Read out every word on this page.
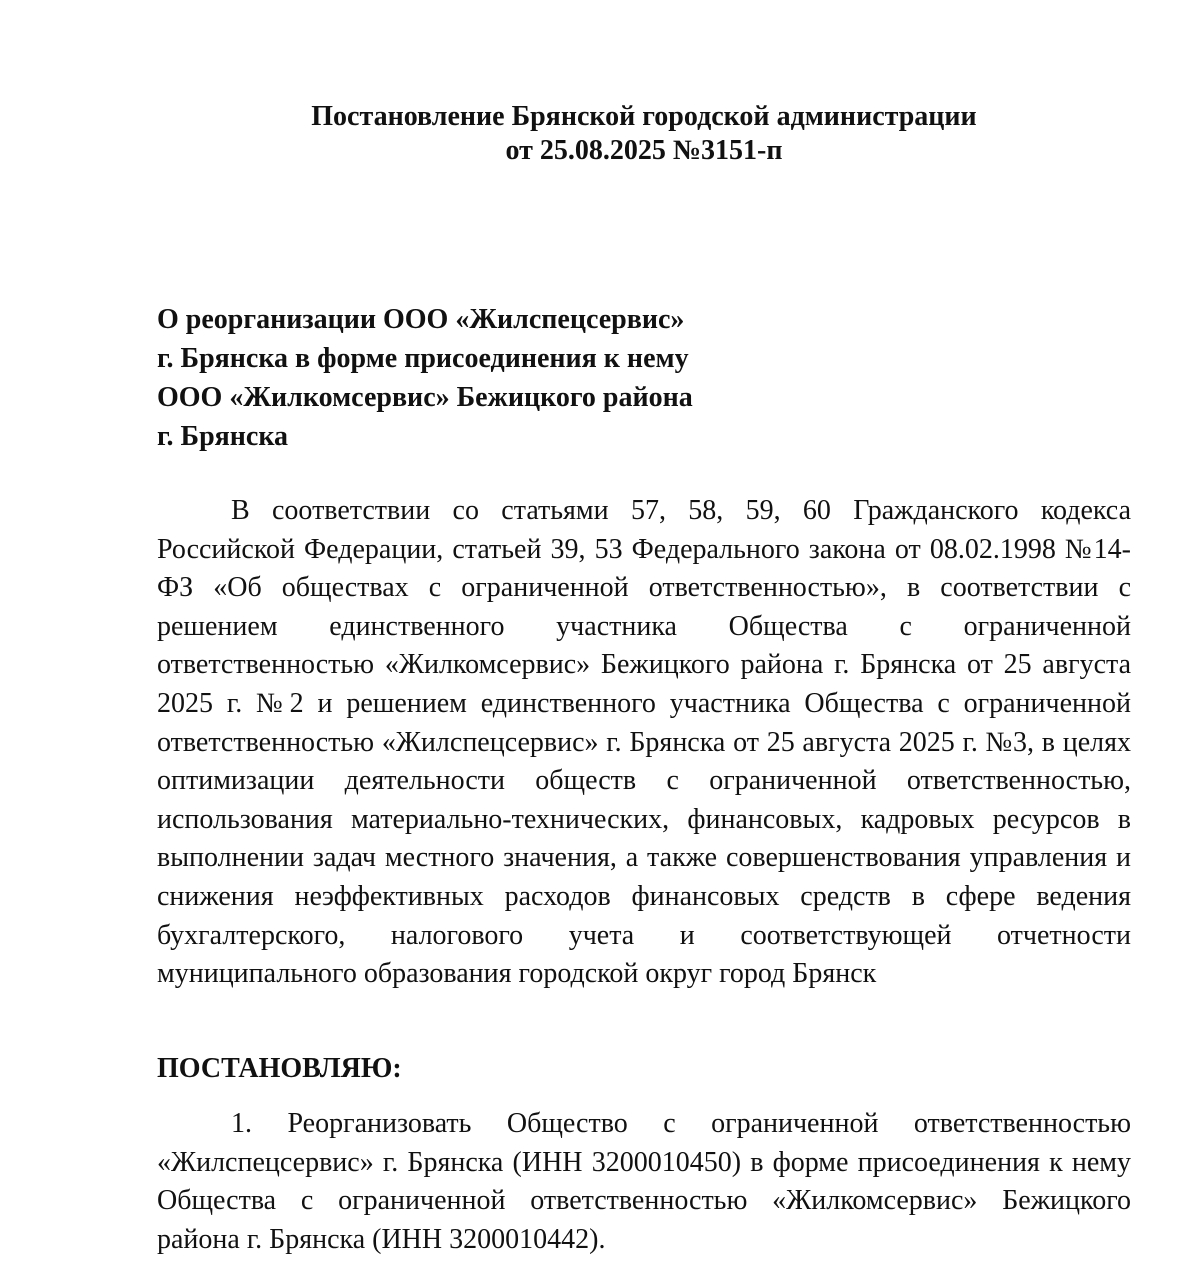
Постановление Брянской городской администрации
от 25.08.2025 №3151-п
О реорганизации ООО «Жилспецсервис»
г. Брянска в форме присоединения к нему
ООО «Жилкомсервис» Бежицкого района
г. Брянска

В соответствии со статьями 57, 58, 59, 60 Гражданского кодекса Российской Федерации, статьей 39, 53 Федерального закона от 08.02.1998 №14-ФЗ «Об обществах с ограниченной ответственностью», в соответствии с решением единственного участника Общества с ограниченной ответственностью «Жилкомсервис» Бежицкого района г. Брянска от 25 августа 2025 г. №2 и решением единственного участника Общества с ограниченной ответственностью «Жилспецсервис» г. Брянска от 25 августа 2025 г. №3, в целях оптимизации деятельности обществ с ограниченной ответственностью, использования материально-технических, финансовых, кадровых ресурсов в выполнении задач местного значения, а также совершенствования управления и снижения неэффективных расходов финансовых средств в сфере ведения бухгалтерского, налогового учета и соответствующей отчетности муниципального образования городской округ город Брянск

ПОСТАНОВЛЯЮ:

1. Реорганизовать Общество с ограниченной ответственностью «Жилспецсервис» г. Брянска (ИНН 3200010450) в форме присоединения к нему Общества с ограниченной ответственностью «Жилкомсервис» Бежицкого района г. Брянска (ИНН 3200010442).
